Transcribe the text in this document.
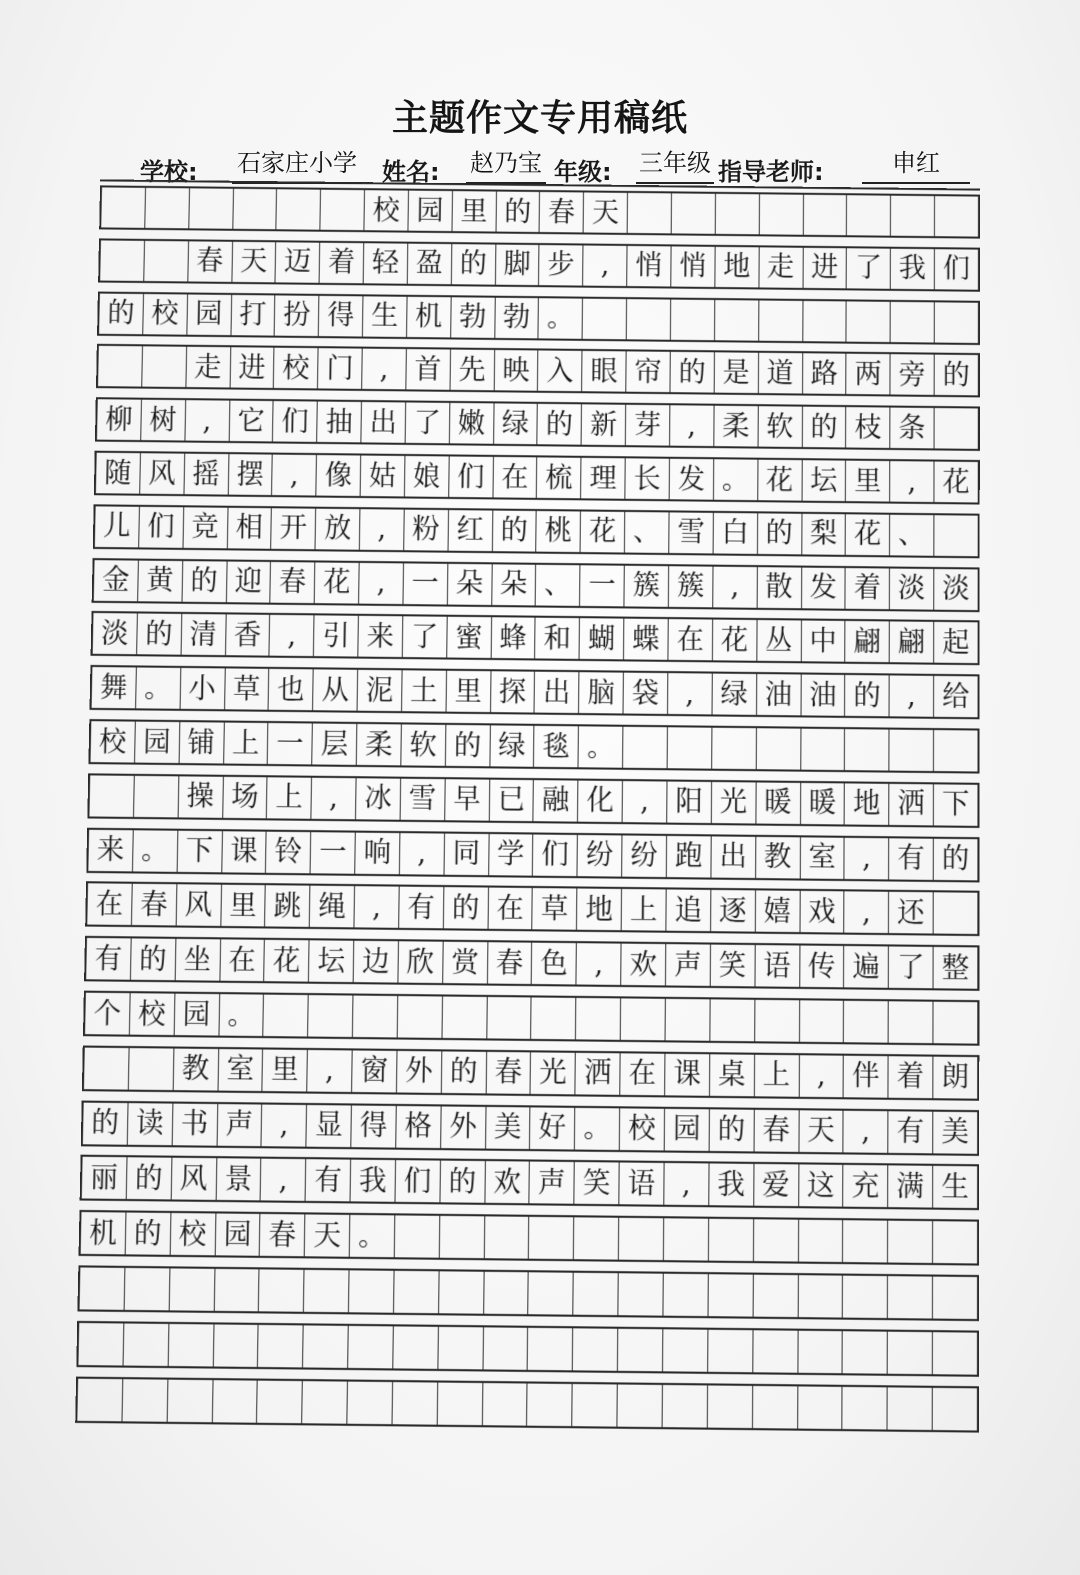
主题作文专用稿纸
学校: 石家庄小学 姓名: 赵乃宝 年级: 三年级 指导老师:	申红
校 园 里 的 春 天
春 天 迈 着 轻 盈 的 脚 步 , 悄 悄 地 走 进 了 我 们
的 校 园 打 扮 得 生 机 勃 勃 。
走 进 校 门 , 首 先 映 入 眼 帘 的 是 道 路 两 旁 的
柳 树 , 它 们 抽 出 了 嫩 绿 的 新 芽 , 柔 软 的 枝 条
随 风 摇 摆 , 像 姑 娘 们 在 梳 理 长 发 。 花 坛 里 , 花
儿 们 竞 相 开 放 , 粉 红 的 桃 花 、 雪 白 的 梨 花 、
金 黄 的 迎 春 花 , 一 朵 朵 、 一 簇 簇 , 散 发 着 淡 淡
淡 的 清 香 , 引 来 了 蜜 蜂 和 蝴 蝶 在 花 丛 中 翩 翩 起
舞 。 小 草 也 从 泥 土 里 探 出 脑 袋 , 绿 油 油 的 , 给
校 园 铺 上 一 层 柔 软 的 绿 毯 。
操 场 上 , 冰 雪 早 已 融 化 , 阳 光 暖 暖 地 洒 下
来 。 下 课 铃 一 响 , 同 学 们 纷 纷 跑 出 教 室 , 有 的
在 春 风 里 跳 绳 , 有 的 在 草 地 上 追 逐 嬉 戏 , 还
有 的 坐 在 花 坛 边 欣 赏 春 色 , 欢 声 笑 语 传 遍 了 整
个 校 园 。
教 室 里 , 窗 外 的 春 光 洒 在 课 桌 上 , 伴 着 朗
的 读 书 声 , 显 得 格 外 美 好 。 校 园 的 春 天 , 有 美
丽 的 风 景 , 有 我 们 的 欢 声 笑 语 , 我 爱 这 充 满 生
机 的 校 园 春 天 。
